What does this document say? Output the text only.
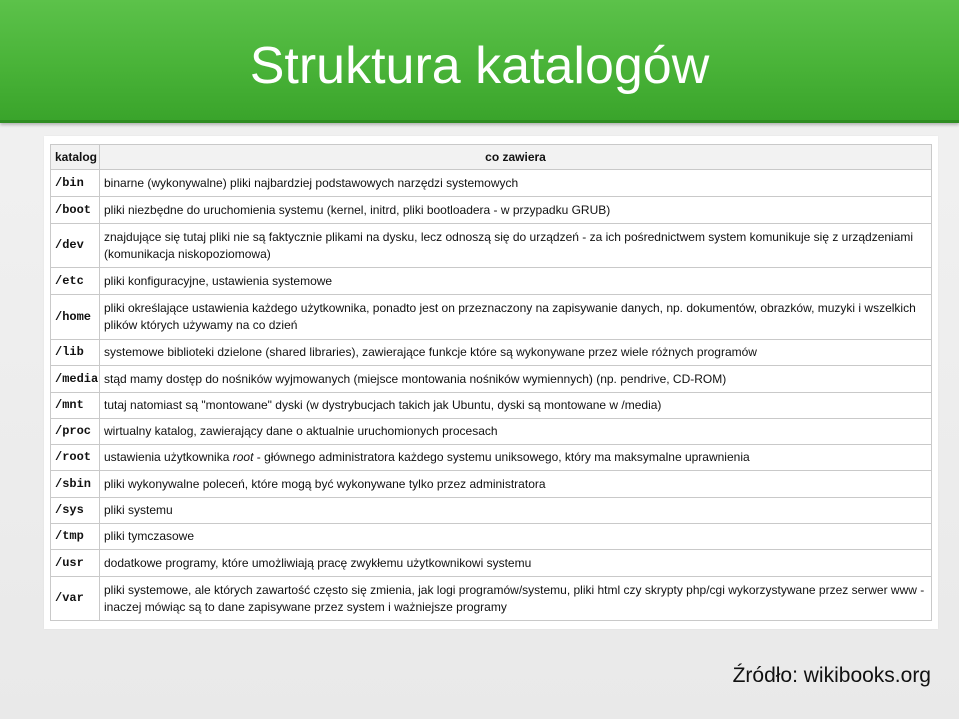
Struktura katalogów
katalog	co zawiera
/bin	binarne (wykonywalne) pliki najbardziej podstawowych narzędzi systemowych
/boot	pliki niezbędne do uruchomienia systemu (kernel, initrd, pliki bootloadera - w przypadku GRUB)
/dev	znajdujące się tutaj pliki nie są faktycznie plikami na dysku, lecz odnoszą się do urządzeń - za ich pośrednictwem system komunikuje się z urządzeniami (komunikacja niskopoziomowa)
/etc	pliki konfiguracyjne, ustawienia systemowe
/home	pliki określające ustawienia każdego użytkownika, ponadto jest on przeznaczony na zapisywanie danych, np. dokumentów, obrazków, muzyki i wszelkich plików których używamy na co dzień
/lib	systemowe biblioteki dzielone (shared libraries), zawierające funkcje które są wykonywane przez wiele różnych programów
/media	stąd mamy dostęp do nośników wyjmowanych (miejsce montowania nośników wymiennych) (np. pendrive, CD-ROM)
/mnt	tutaj natomiast są "montowane" dyski (w dystrybucjach takich jak Ubuntu, dyski są montowane w /media)
/proc	wirtualny katalog, zawierający dane o aktualnie uruchomionych procesach
/root	ustawienia użytkownika root - głównego administratora każdego systemu uniksowego, który ma maksymalne uprawnienia
/sbin	pliki wykonywalne poleceń, które mogą być wykonywane tylko przez administratora
/sys	pliki systemu
/tmp	pliki tymczasowe
/usr	dodatkowe programy, które umożliwiają pracę zwykłemu użytkownikowi systemu
/var	pliki systemowe, ale których zawartość często się zmienia, jak logi programów/systemu, pliki html czy skrypty php/cgi wykorzystywane przez serwer www - inaczej mówiąc są to dane zapisywane przez system i ważniejsze programy
Źródło: wikibooks.org
